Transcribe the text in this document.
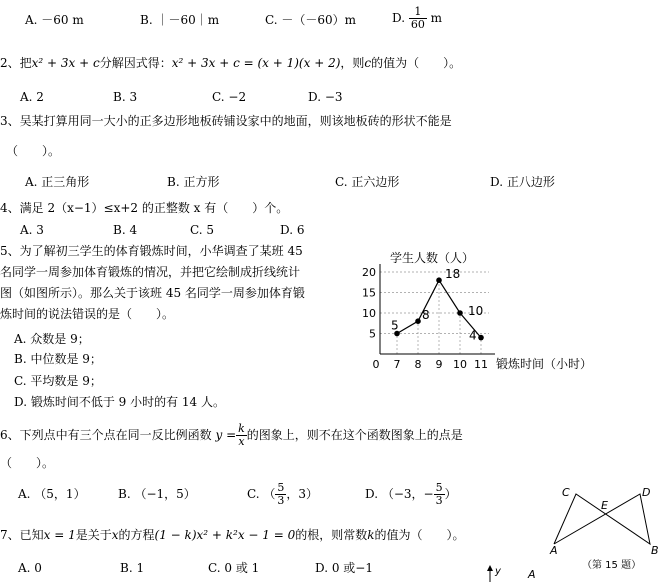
A. －60 m	B. ｜－60｜m	C. －（－60）m	D. $\frac{1}{60}$ m
2、把x² + 3x + c分解因式得：x² + 3x + c = (x + 1)(x + 2)，则c的值为（　　）。
A. 2	B. 3	C. −2	D. −3
3、吴某打算用同一大小的正多边形地板砖铺设家中的地面，则该地板砖的形状不能是
（　　）。
A. 正三角形	B. 正方形	C. 正六边形	D. 正八边形
4、满足 2（x−1）≤x+2 的正整数 x 有（　　）个。
A. 3	B. 4	C. 5	D. 6
5、为了解初三学生的体育锻炼时间，小华调查了某班 45
名同学一周参加体育锻炼的情况，并把它绘制成折线统计
图（如图所示）。那么关于该班 45 名同学一周参加体育锻
炼时间的说法错误的是（　　）。
A. 众数是 9；
B. 中位数是 9；
C. 平均数是 9；
D. 锻炼时间不低于 9 小时的有 14 人。
学生人数（人）
5
10
15
20
0 7 8 9 10 11
5
8
18
10
4
锻炼时间（小时）
6、下列点中有三个点在同一反比例函数 $y = \frac{k}{x}$ 的图象上，则不在这个函数图象上的点是
（　　）。
A. （5，1）	B. （−1，5）	C. （ $\frac{5}{3}$ ，3）	D. （−3，− $\frac{5}{3}$ ）
7、已知x = 1是关于x的方程(1 − k)x² + k²x − 1 = 0的根，则常数k的值为（　　）。
A. 0	B. 1	C. 0 或 1	D. 0 或−1
C	D
E
A	B
（第 15 题）
y A
